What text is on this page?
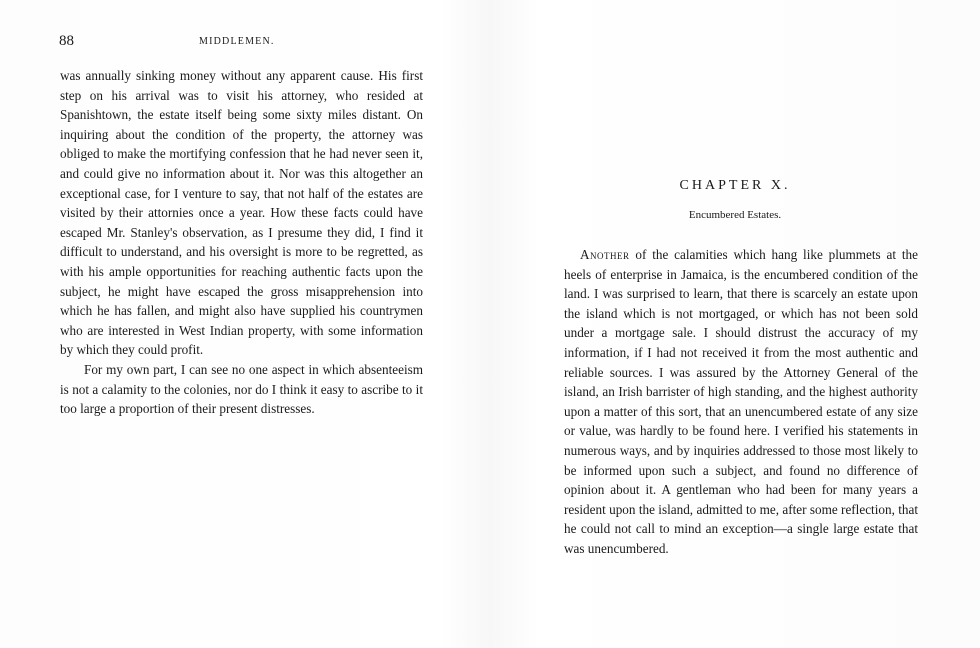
88	MIDDLEMEN.

was annually sinking money without any apparent cause. His first step on his arrival was to visit his attorney, who resided at Spanishtown, the estate itself being some sixty miles distant. On inquiring about the condition of the property, the attorney was obliged to make the mortifying confession that he had never seen it, and could give no information about it. Nor was this altogether an exceptional case, for I venture to say, that not half of the estates are visited by their attornies once a year. How these facts could have escaped Mr. Stanley's observation, as I presume they did, I find it difficult to understand, and his oversight is more to be regretted, as with his ample opportunities for reaching authentic facts upon the subject, he might have escaped the gross misapprehension into which he has fallen, and might also have supplied his countrymen who are interested in West Indian property, with some information by which they could profit.

For my own part, I can see no one aspect in which absenteeism is not a calamity to the colonies, nor do I think it easy to ascribe to it too large a proportion of their present distresses.

CHAPTER X.
Encumbered Estates.

Another of the calamities which hang like plummets at the heels of enterprise in Jamaica, is the encumbered condition of the land. I was surprised to learn, that there is scarcely an estate upon the island which is not mortgaged, or which has not been sold under a mortgage sale. I should distrust the accuracy of my information, if I had not received it from the most authentic and reliable sources. I was assured by the Attorney General of the island, an Irish barrister of high standing, and the highest authority upon a matter of this sort, that an unencumbered estate of any size or value, was hardly to be found here. I verified his statements in numerous ways, and by inquiries addressed to those most likely to be informed upon such a subject, and found no difference of opinion about it. A gentleman who had been for many years a resident upon the island, admitted to me, after some reflection, that he could not call to mind an exception—a single large estate that was unencumbered.
